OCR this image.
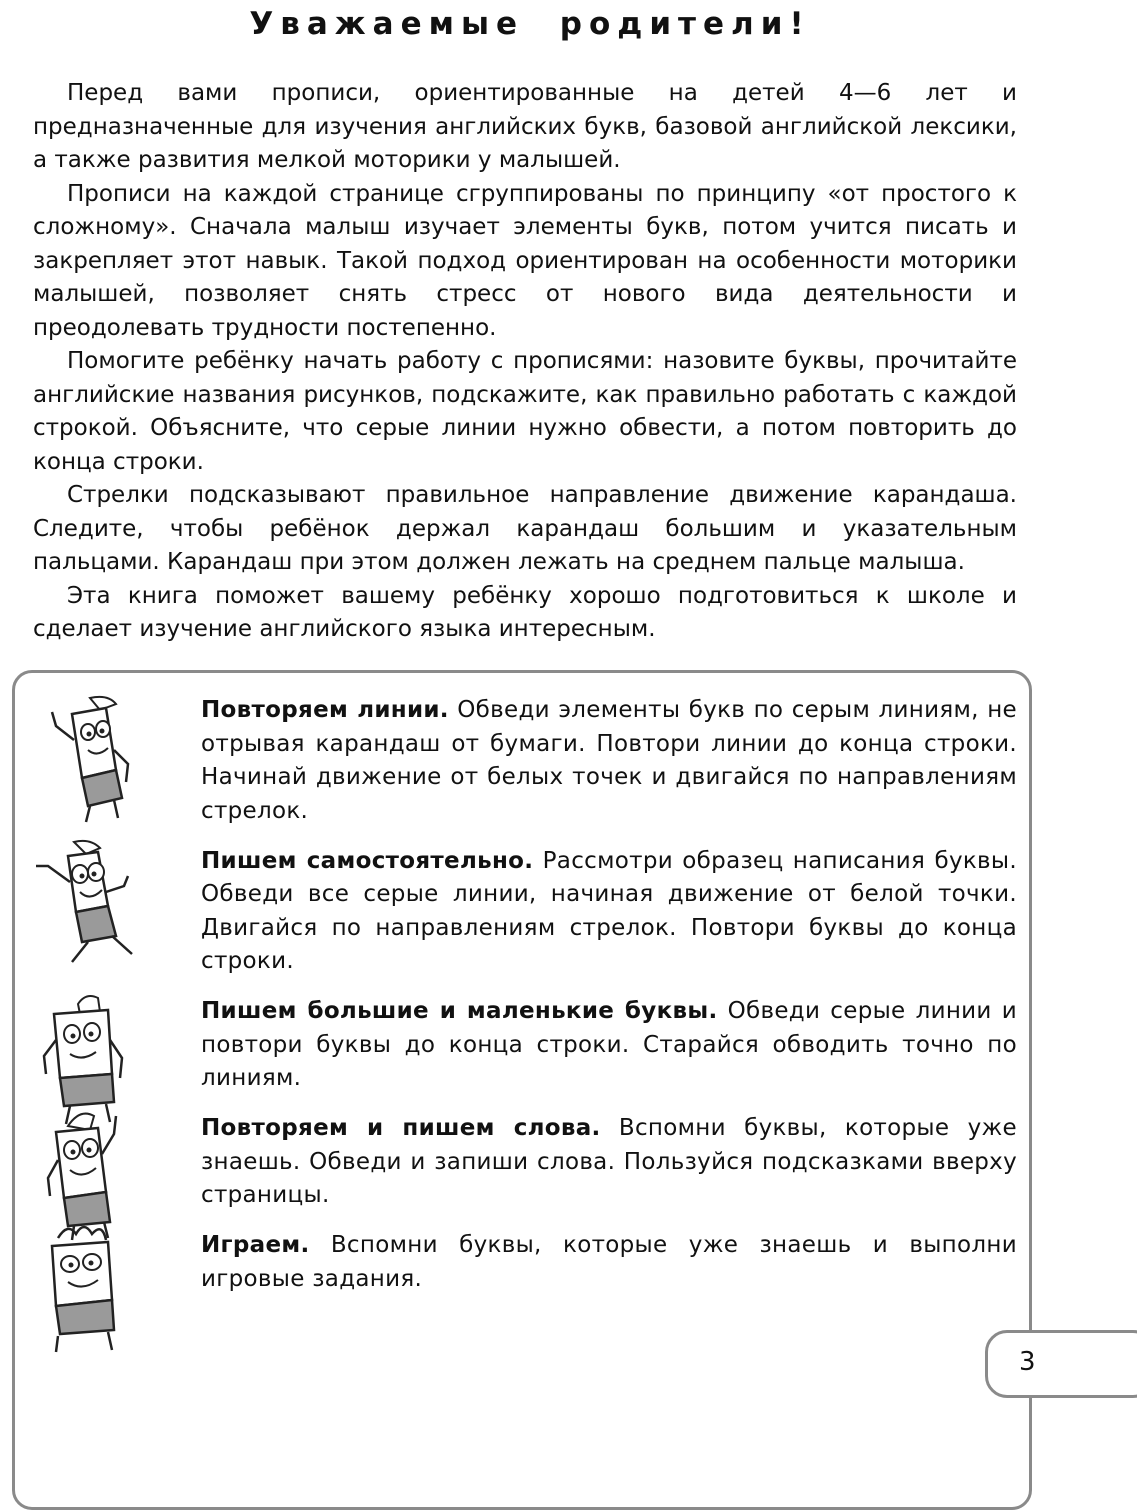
Уважаемые родители!

Перед вами прописи, ориентированные на детей 4—6 лет и предназначенные для изучения английских букв, базовой английской лексики, а также развития мелкой моторики у малышей.

Прописи на каждой странице сгруппированы по принципу «от простого к сложному». Сначала малыш изучает элементы букв, потом учится писать и закрепляет этот навык. Такой подход ориентирован на особенности моторики малышей, позволяет снять стресс от нового вида деятельности и преодолевать трудности постепенно.

Помогите ребёнку начать работу с прописями: назовите буквы, прочитайте английские названия рисунков, подскажите, как правильно работать с каждой строкой. Объясните, что серые линии нужно обвести, а потом повторить до конца строки.

Стрелки подсказывают правильное направление движение карандаша. Следите, чтобы ребёнок держал карандаш большим и указательным пальцами. Карандаш при этом должен лежать на среднем пальце малыша.

Эта книга поможет вашему ребёнку хорошо подготовиться к школе и сделает изучение английского языка интересным.

Повторяем линии. Обведи элементы букв по серым линиям, не отрывая карандаш от бумаги. Повтори линии до конца строки. Начинай движение от белых точек и двигайся по направлениям стрелок.

Пишем самостоятельно. Рассмотри образец написания буквы. Обведи все серые линии, начиная движение от белой точки. Двигайся по направлениям стрелок. Повтори буквы до конца строки.

Пишем большие и маленькие буквы. Обведи серые линии и повтори буквы до конца строки. Старайся обводить точно по линиям.

Повторяем и пишем слова. Вспомни буквы, которые уже знаешь. Обведи и запиши слова. Пользуйся подсказками вверху страницы.

Играем. Вспомни буквы, которые уже знаешь и выполни игровые задания.

3
